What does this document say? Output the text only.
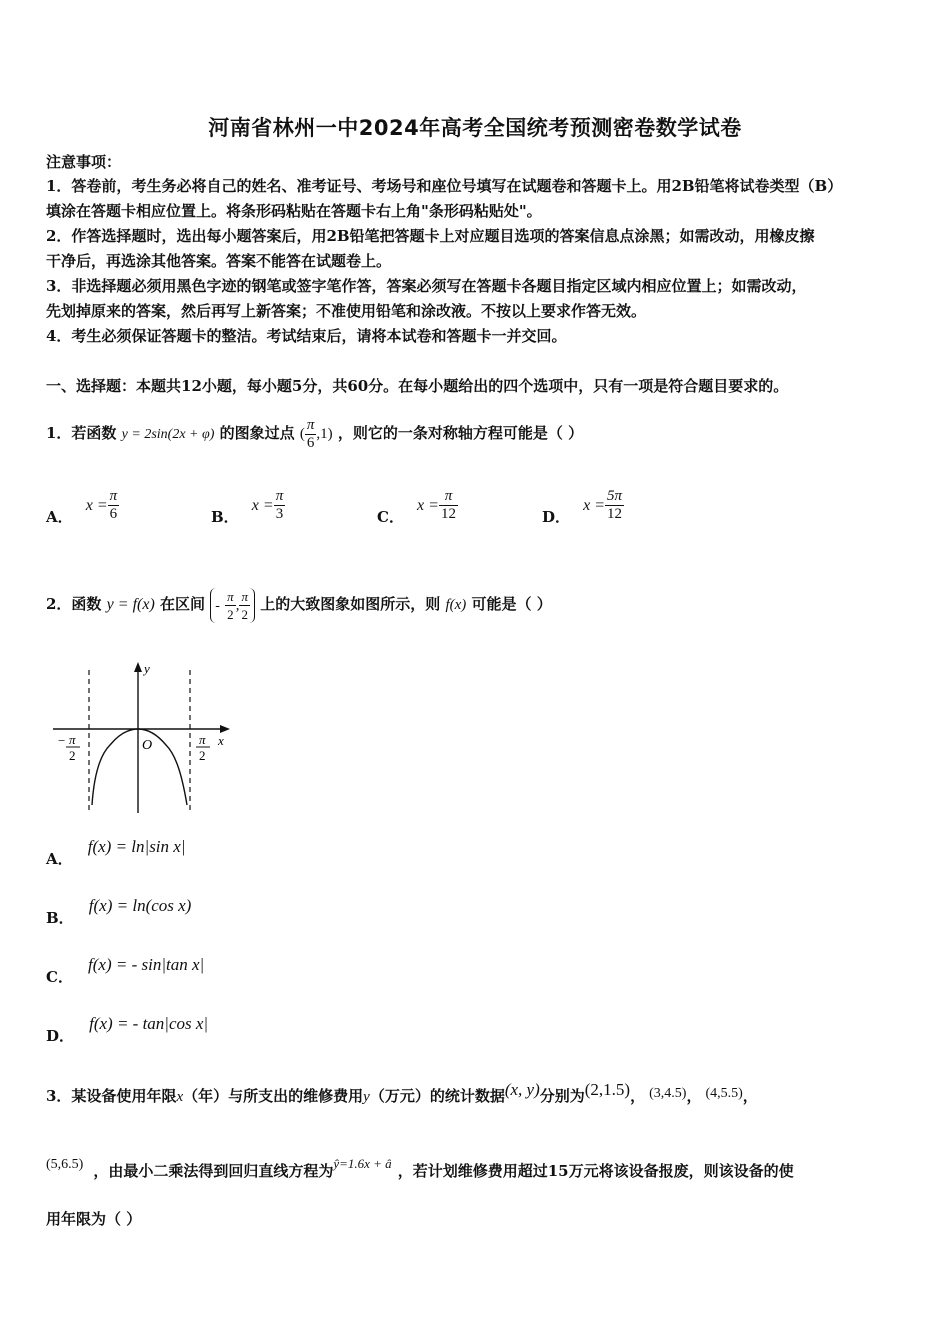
河南省林州一中2024年高考全国统考预测密卷数学试卷
注意事项：
1．答卷前，考生务必将自己的姓名、准考证号、考场号和座位号填写在试题卷和答题卡上。用2B铅笔将试卷类型（B）
填涂在答题卡相应位置上。将条形码粘贴在答题卡右上角"条形码粘贴处"。
2．作答选择题时，选出每小题答案后，用2B铅笔把答题卡上对应题目选项的答案信息点涂黑；如需改动，用橡皮擦
干净后，再选涂其他答案。答案不能答在试题卷上。
3．非选择题必须用黑色字迹的钢笔或签字笔作答，答案必须写在答题卡各题目指定区域内相应位置上；如需改动，
先划掉原来的答案，然后再写上新答案；不准使用铅笔和涂改液。不按以上要求作答无效。
4．考生必须保证答题卡的整洁。考试结束后，请将本试卷和答题卡一并交回。
一、选择题：本题共12小题，每小题5分，共60分。在每小题给出的四个选项中，只有一项是符合题目要求的。
1．若函数 y = 2sin(2x + φ) 的图象过点 ( $\frac{\pi}{6} ,1$) ，则它的一条对称轴方程可能是（ ）
A． $x = \frac{\pi}{6}$	B． $x = \frac{\pi}{3}$	C． $x = \frac{\pi}{12}$	D． $x = \frac{5\pi}{12}$
2．函数 y = f(x) 在区间 - $\frac{\pi}{2}$ , $\frac{\pi}{2}$ 上的大致图象如图所示，则 f(x) 可能是（ ）
y
x
O
− π
2
π
2
A． f(x) = ln|sin x|
B． f(x) = ln(cos x)
C． f(x) = - sin|tan x|
D． f(x) = - tan|cos x|
3．某设备使用年限x（年）与所支出的维修费用y（万元）的统计数据(x, y)分别为(2,1.5)， (3,4.5)， (4,5.5)，
(5,6.5) ，由最小二乘法得到回归直线方程为ŷ=1.6x + â ，若计划维修费用超过15万元将该设备报废，则该设备的使
用年限为（ ）
